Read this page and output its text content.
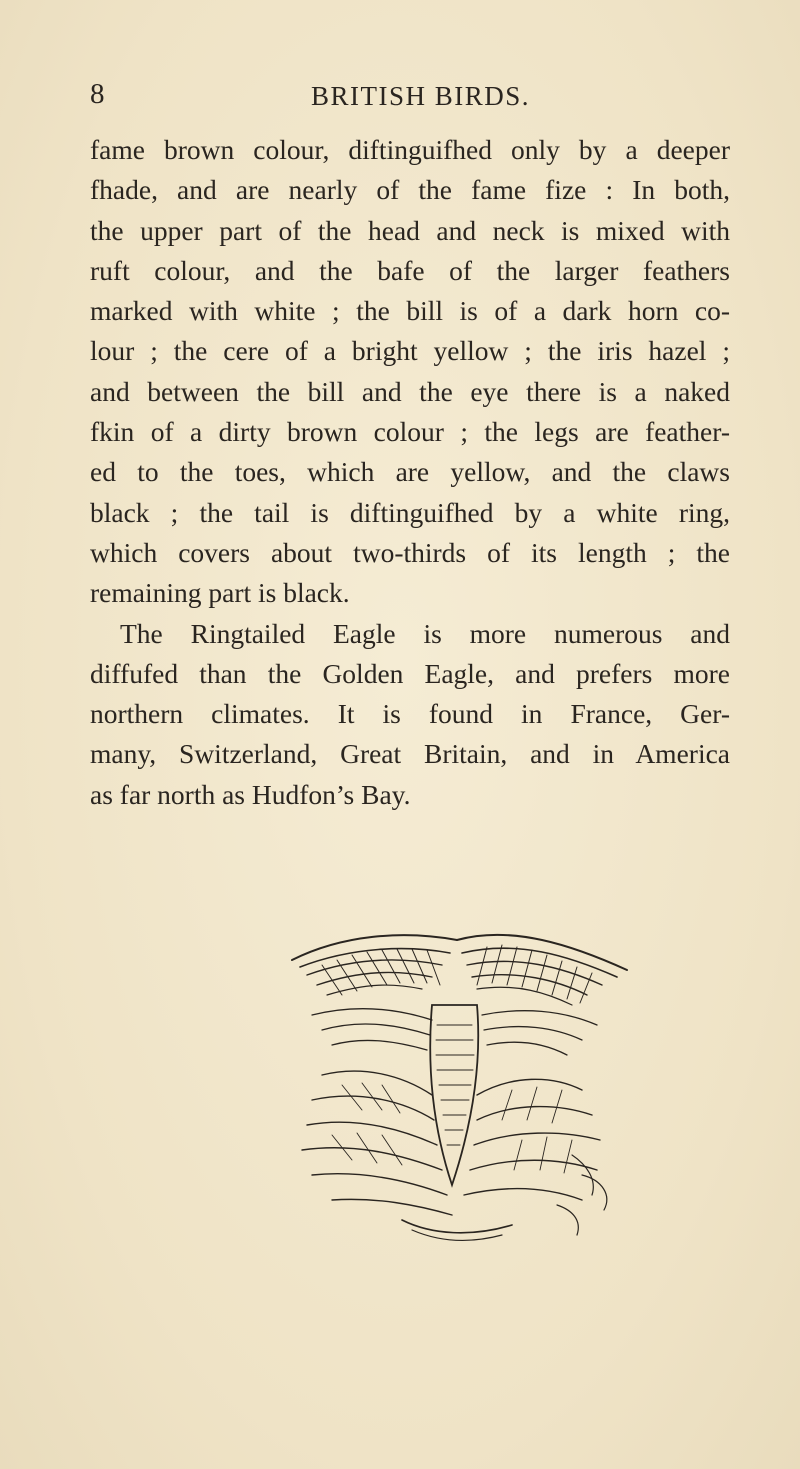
8	BRITISH BIRDS.
fame brown colour, diftinguifhed only by a deeper
fhade, and are nearly of the fame fize : In both,
the upper part of the head and neck is mixed with
ruft colour, and the bafe of the larger feathers
marked with white ; the bill is of a dark horn co-
lour ; the cere of a bright yellow ; the iris hazel ;
and between the bill and the eye there is a naked
fkin of a dirty brown colour ; the legs are feather-
ed to the toes, which are yellow, and the claws
black ; the tail is diftinguifhed by a white ring,
which covers about two-thirds of its length ; the
remaining part is black.
The Ringtailed Eagle is more numerous and
diffufed than the Golden Eagle, and prefers more
northern climates. It is found in France, Ger-
many, Switzerland, Great Britain, and in America
as far north as Hudfon’s Bay.
